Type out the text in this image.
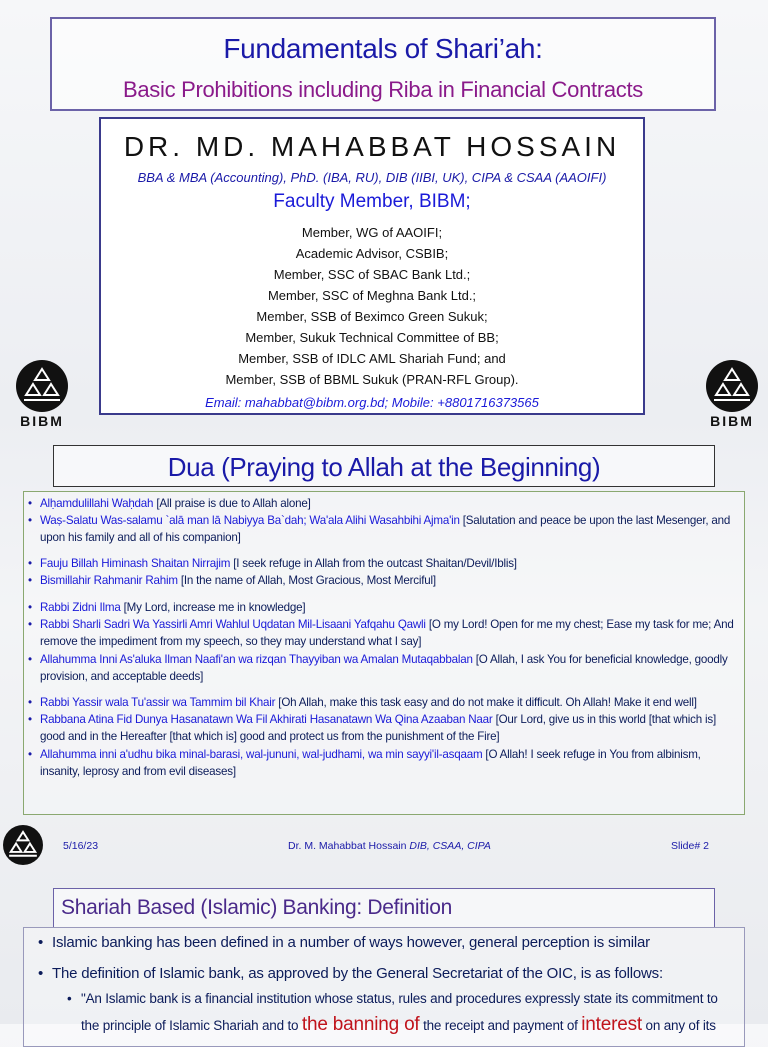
Fundamentals of Shari’ah:
Basic Prohibitions including Riba in Financial Contracts
DR. MD. MAHABBAT HOSSAIN
BBA & MBA (Accounting), PhD. (IBA, RU), DIB (IIBI, UK), CIPA & CSAA (AAOIFI)
Faculty Member, BIBM;
Member, WG of AAOIFI;
Academic Advisor, CSBIB;
Member, SSC of SBAC Bank Ltd.;
Member, SSC of Meghna Bank Ltd.;
Member, SSB of Beximco Green Sukuk;
Member, Sukuk Technical Committee of BB;
Member, SSB of IDLC AML Shariah Fund; and
Member, SSB of BBML Sukuk (PRAN-RFL Group).
Email: mahabbat@bibm.org.bd; Mobile: +8801716373565
BIBM	BIBM
Dua (Praying to Allah at the Beginning)
• Alḥamdulillahi Waḥdah [All praise is due to Allah alone]
• Waṣ-Salatu Was-salamu `alā man lā Nabiyya Ba`dah; Wa'ala Alihi Wasahbihi Ajma'in [Salutation and peace be upon the last Mesenger, and upon his family and all of his companion]
• Fauju Billah Himinash Shaitan Nirrajim [I seek refuge in Allah from the outcast Shaitan/Devil/Iblis]
• Bismillahir Rahmanir Rahim [In the name of Allah, Most Gracious, Most Merciful]
• Rabbi Zidni Ilma [My Lord, increase me in knowledge]
• Rabbi Sharli Sadri Wa Yassirli Amri Wahlul Uqdatan Mil-Lisaani Yafqahu Qawli [O my Lord! Open for me my chest; Ease my task for me; And remove the impediment from my speech, so they may understand what I say]
• Allahumma Inni As'aluka Ilman Naafi'an wa rizqan Thayyiban wa Amalan Mutaqabbalan [O Allah, I ask You for beneficial knowledge, goodly provision, and acceptable deeds]
• Rabbi Yassir wala Tu'assir wa Tammim bil Khair [Oh Allah, make this task easy and do not make it difficult. Oh Allah! Make it end well]
• Rabbana Atina Fid Dunya Hasanatawn Wa Fil Akhirati Hasanatawn Wa Qina Azaaban Naar [Our Lord, give us in this world [that which is] good and in the Hereafter [that which is] good and protect us from the punishment of the Fire]
• Allahumma inni a'udhu bika minal-barasi, wal-jununi, wal-judhami, wa min sayyi'il-asqaam [O Allah! I seek refuge in You from albinism, insanity, leprosy and from evil diseases]
5/16/23	Dr. M. Mahabbat Hossain DIB, CSAA, CIPA	Slide# 2
Shariah Based (Islamic) Banking: Definition
• Islamic banking has been defined in a number of ways however, general perception is similar
• The definition of Islamic bank, as approved by the General Secretariat of the OIC, is as follows:
• "An Islamic bank is a financial institution whose status, rules and procedures expressly state its commitment to
the principle of Islamic Shariah and to the banning of the receipt and payment of interest on any of its
